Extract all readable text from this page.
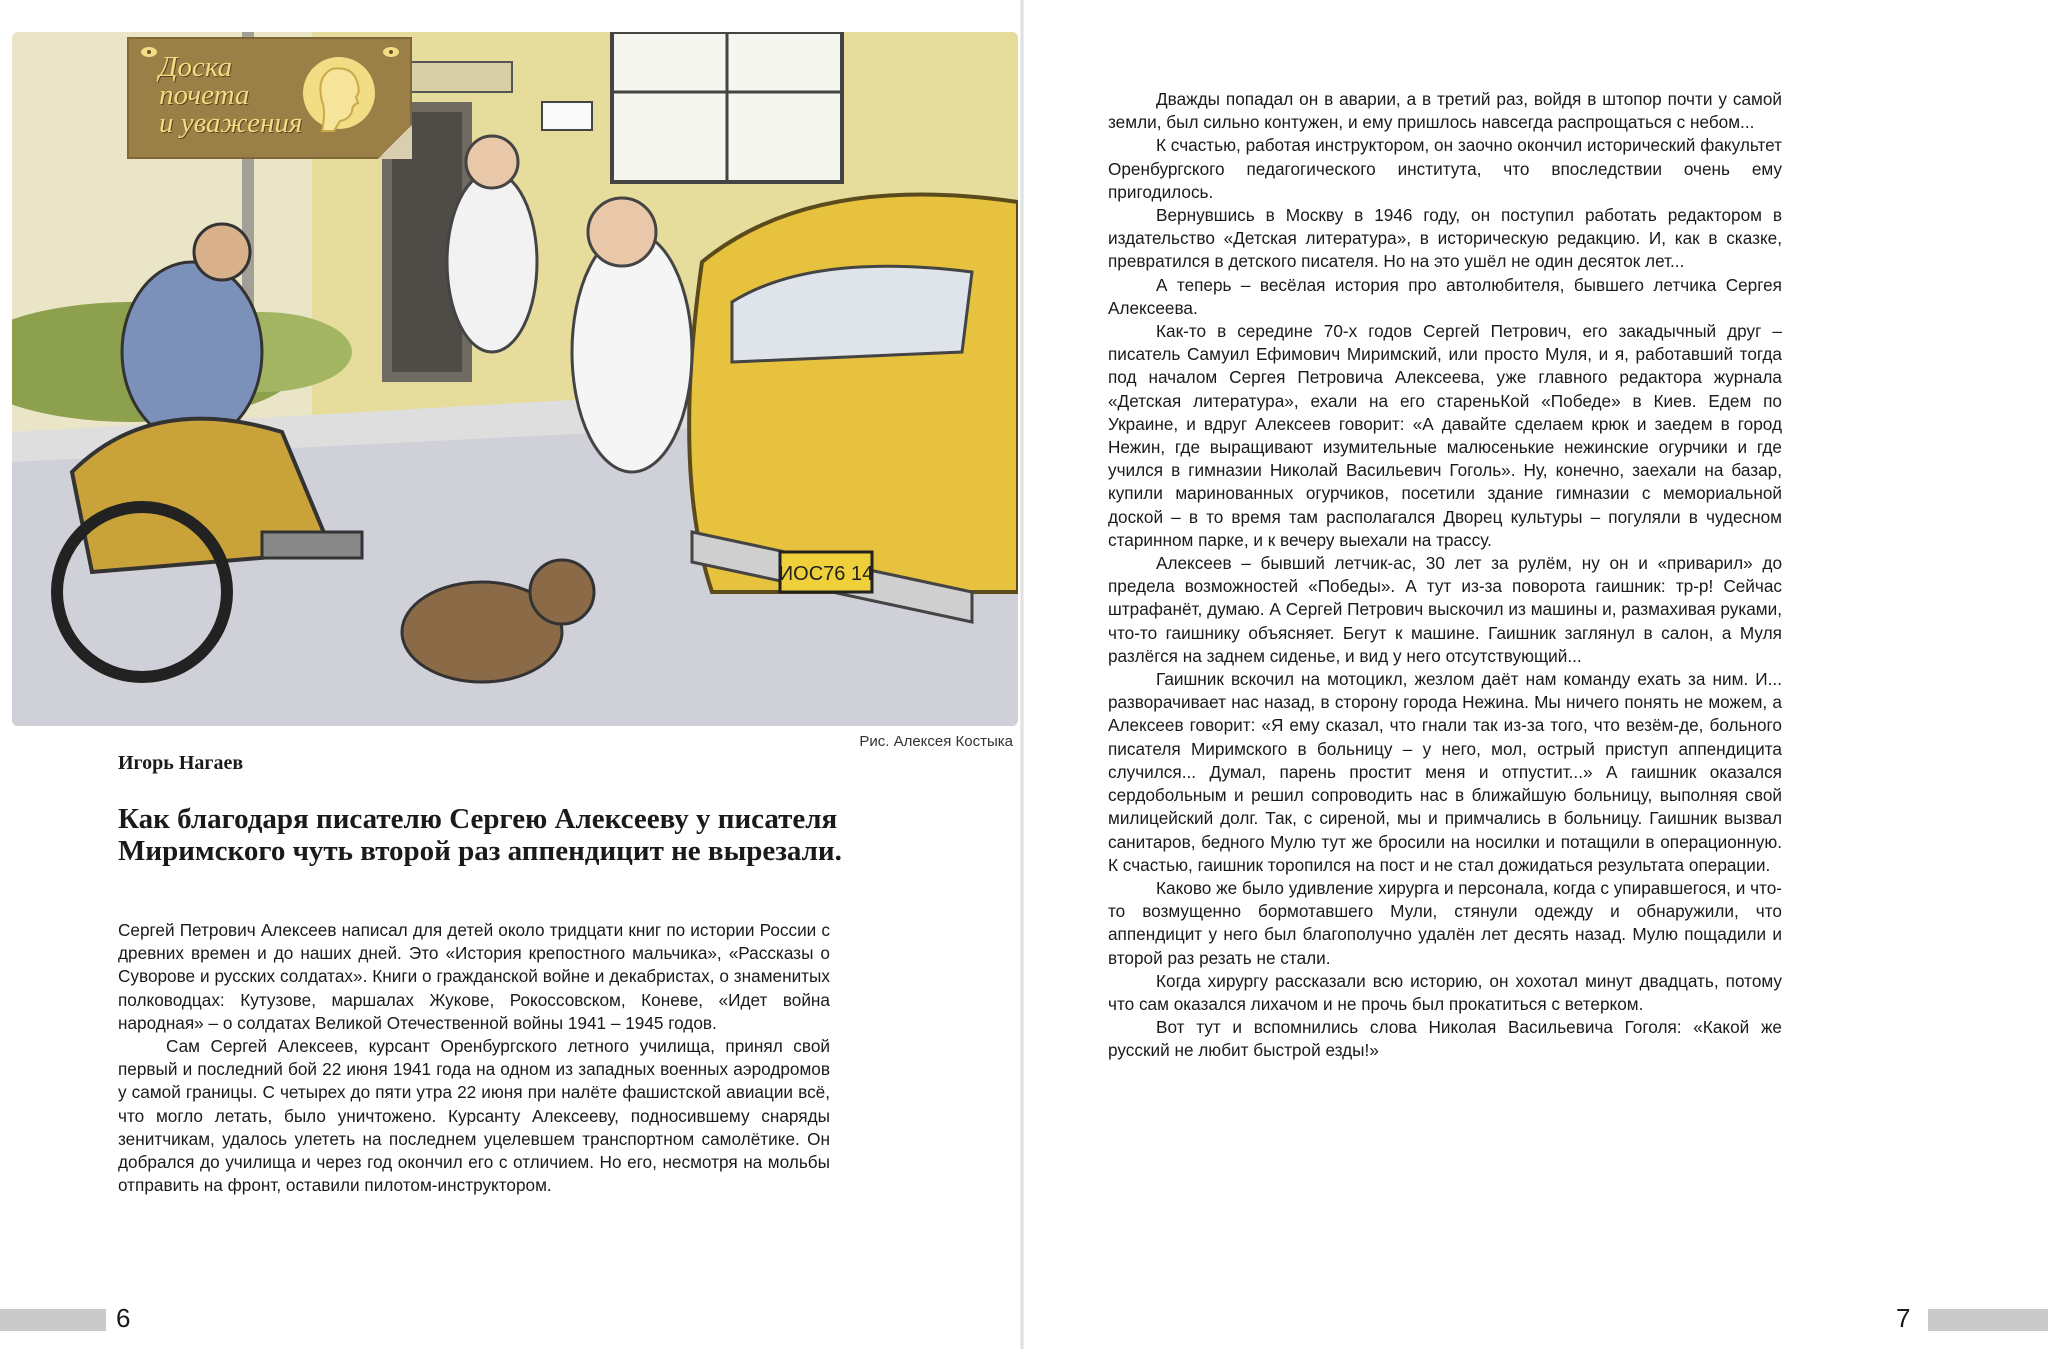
ИОС76 14
Доска
почета
и уважения
Рис. Алексея Костыка
Игорь Нагаев
Как благодаря писателю Сергею Алексееву у писателя Миримского чуть второй раз аппендицит не вырезали.

Сергей Петрович Алексеев написал для детей около тридцати книг по истории России с древних времен и до наших дней. Это «История крепостного мальчика», «Рассказы о Суворове и русских солдатах». Книги о гражданской войне и декабристах, о знаменитых полководцах: Кутузове, маршалах Жукове, Рокоссовском, Коневе, «Идет война народная» – о солдатах Великой Отечественной войны 1941 – 1945 годов.

Сам Сергей Алексеев, курсант Оренбургского летного училища, принял свой первый и последний бой 22 июня 1941 года на одном из западных военных аэродромов у самой границы. С четырех до пяти утра 22 июня при налёте фашистской авиации всё, что могло летать, было уничтожено. Курсанту Алексееву, подносившему снаряды зенитчикам, удалось улететь на последнем уцелевшем транспортном самолётике. Он добрался до училища и через год окончил его с отличием. Но его, несмотря на мольбы отправить на фронт, оставили пилотом-инструктором.

6	7

Дважды попадал он в аварии, а в третий раз, войдя в штопор почти у самой земли, был сильно контужен, и ему пришлось навсегда распрощаться с небом...

К счастью, работая инструктором, он заочно окончил исторический факультет Оренбургского педагогического института, что впоследствии очень ему пригодилось.

Вернувшись в Москву в 1946 году, он поступил работать редактором в издательство «Детская литература», в историческую редакцию. И, как в сказке, превратился в детского писателя. Но на это ушёл не один десяток лет...

А теперь – весёлая история про автолюбителя, бывшего летчика Сергея Алексеева.

Как-то в середине 70-х годов Сергей Петрович, его закадычный друг – писатель Самуил Ефимович Миримский, или просто Муля, и я, работавший тогда под началом Сергея Петровича Алексеева, уже главного редактора журнала «Детская литература», ехали на его стареньКой «Победе» в Киев. Едем по Украине, и вдруг Алексеев говорит: «А давайте сделаем крюк и заедем в город Нежин, где выращивают изумительные малюсенькие нежинские огурчики и где учился в гимназии Николай Васильевич Гоголь». Ну, конечно, заехали на базар, купили маринованных огурчиков, посетили здание гимназии с мемориальной доской – в то время там располагался Дворец культуры – погуляли в чудесном старинном парке, и к вечеру выехали на трассу.

Алексеев – бывший летчик-ас, 30 лет за рулём, ну он и «приварил» до предела возможностей «Победы». А тут из-за поворота гаишник: тр-р! Сейчас штрафанёт, думаю. А Сергей Петрович выскочил из машины и, размахивая руками, что-то гаишнику объясняет. Бегут к машине. Гаишник заглянул в салон, а Муля разлёгся на заднем сиденье, и вид у него отсутствующий...

Гаишник вскочил на мотоцикл, жезлом даёт нам команду ехать за ним. И... разворачивает нас назад, в сторону города Нежина. Мы ничего понять не можем, а Алексеев говорит: «Я ему сказал, что гнали так из-за того, что везём-де, больного писателя Миримского в больницу – у него, мол, острый приступ аппендицита случился... Думал, парень простит меня и отпустит...» А гаишник оказался сердобольным и решил сопроводить нас в ближайшую больницу, выполняя свой милицейский долг. Так, с сиреной, мы и примчались в больницу. Гаишник вызвал санитаров, бедного Мулю тут же бросили на носилки и потащили в операционную. К счастью, гаишник торопился на пост и не стал дожидаться результата операции.

Каково же было удивление хирурга и персонала, когда с упиравшегося, и что-то возмущенно бормотавшего Мули, стянули одежду и обнаружили, что аппендицит у него был благополучно удалён лет десять назад. Мулю пощадили и второй раз резать не стали.

Когда хирургу рассказали всю историю, он хохотал минут двадцать, потому что сам оказался лихачом и не прочь был прокатиться с ветерком.

Вот тут и вспомнились слова Николая Васильевича Гоголя: «Какой же русский не любит быстрой езды!»
